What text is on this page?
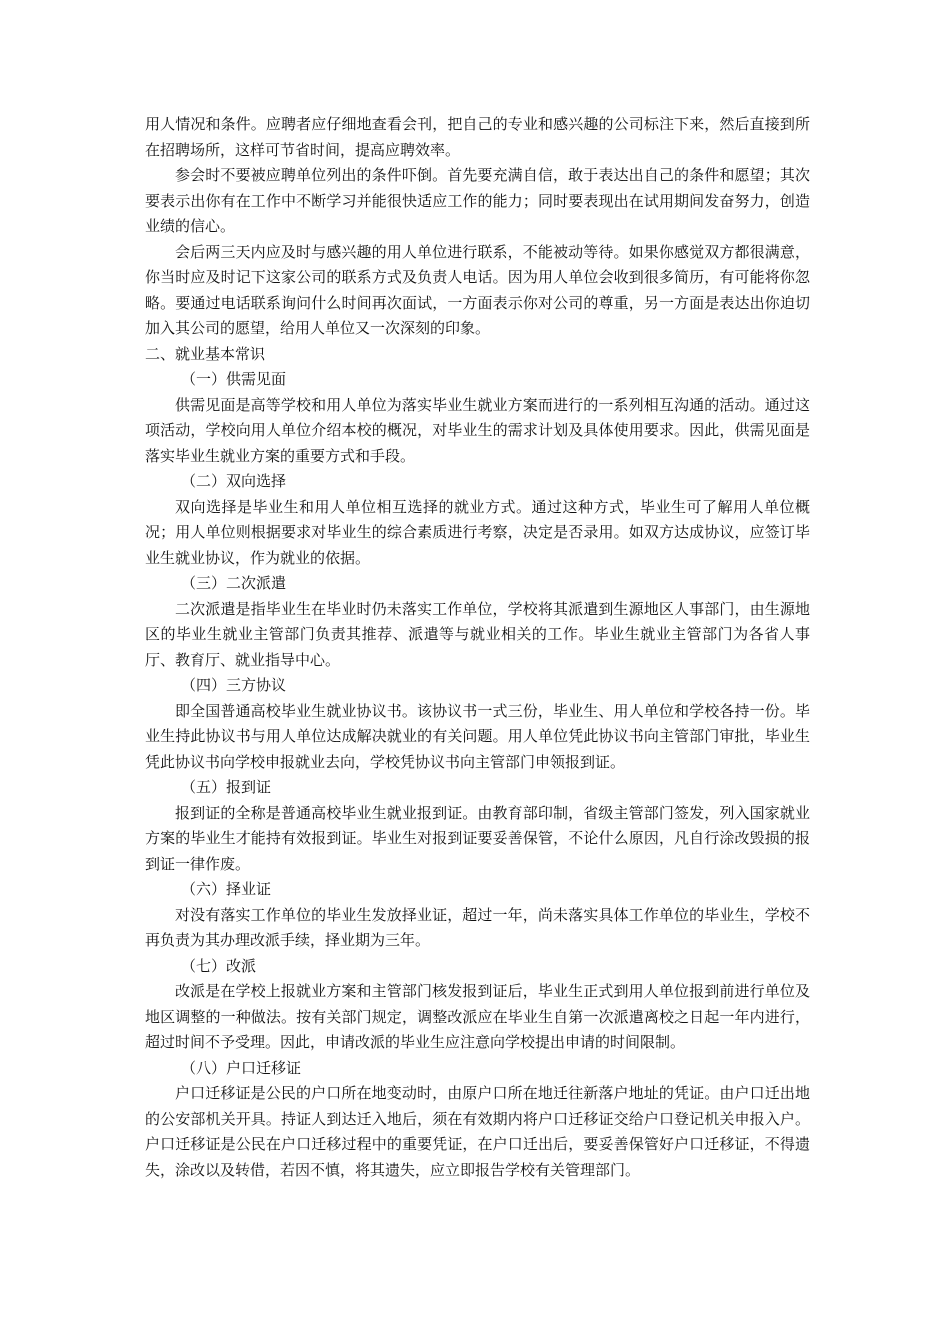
用人情况和条件。应聘者应仔细地查看会刊，把自己的专业和感兴趣的公司标注下来，然后直接到所在招聘场所，这样可节省时间，提高应聘效率。

参会时不要被应聘单位列出的条件吓倒。首先要充满自信，敢于表达出自己的条件和愿望；其次要表示出你有在工作中不断学习并能很快适应工作的能力；同时要表现出在试用期间发奋努力，创造业绩的信心。

会后两三天内应及时与感兴趣的用人单位进行联系，不能被动等待。如果你感觉双方都很满意，你当时应及时记下这家公司的联系方式及负责人电话。因为用人单位会收到很多简历，有可能将你忽略。要通过电话联系询问什么时间再次面试，一方面表示你对公司的尊重，另一方面是表达出你迫切加入其公司的愿望，给用人单位又一次深刻的印象。

二、就业基本常识

（一）供需见面

供需见面是高等学校和用人单位为落实毕业生就业方案而进行的一系列相互沟通的活动。通过这项活动，学校向用人单位介绍本校的概况，对毕业生的需求计划及具体使用要求。因此，供需见面是落实毕业生就业方案的重要方式和手段。

（二）双向选择

双向选择是毕业生和用人单位相互选择的就业方式。通过这种方式，毕业生可了解用人单位概况；用人单位则根据要求对毕业生的综合素质进行考察，决定是否录用。如双方达成协议，应签订毕业生就业协议，作为就业的依据。

（三）二次派遣

二次派遣是指毕业生在毕业时仍未落实工作单位，学校将其派遣到生源地区人事部门，由生源地区的毕业生就业主管部门负责其推荐、派遣等与就业相关的工作。毕业生就业主管部门为各省人事厅、教育厅、就业指导中心。

（四）三方协议

即全国普通高校毕业生就业协议书。该协议书一式三份，毕业生、用人单位和学校各持一份。毕业生持此协议书与用人单位达成解决就业的有关问题。用人单位凭此协议书向主管部门审批，毕业生凭此协议书向学校申报就业去向，学校凭协议书向主管部门申领报到证。

（五）报到证

报到证的全称是普通高校毕业生就业报到证。由教育部印制，省级主管部门签发，列入国家就业方案的毕业生才能持有效报到证。毕业生对报到证要妥善保管，不论什么原因，凡自行涂改毁损的报到证一律作废。

（六）择业证

对没有落实工作单位的毕业生发放择业证，超过一年，尚未落实具体工作单位的毕业生，学校不再负责为其办理改派手续，择业期为三年。

（七）改派

改派是在学校上报就业方案和主管部门核发报到证后，毕业生正式到用人单位报到前进行单位及地区调整的一种做法。按有关部门规定，调整改派应在毕业生自第一次派遣离校之日起一年内进行，超过时间不予受理。因此，申请改派的毕业生应注意向学校提出申请的时间限制。

（八）户口迁移证

户口迁移证是公民的户口所在地变动时，由原户口所在地迁往新落户地址的凭证。由户口迁出地的公安部机关开具。持证人到达迁入地后，须在有效期内将户口迁移证交给户口登记机关申报入户。户口迁移证是公民在户口迁移过程中的重要凭证，在户口迁出后，要妥善保管好户口迁移证，不得遗失，涂改以及转借，若因不慎，将其遗失，应立即报告学校有关管理部门。
